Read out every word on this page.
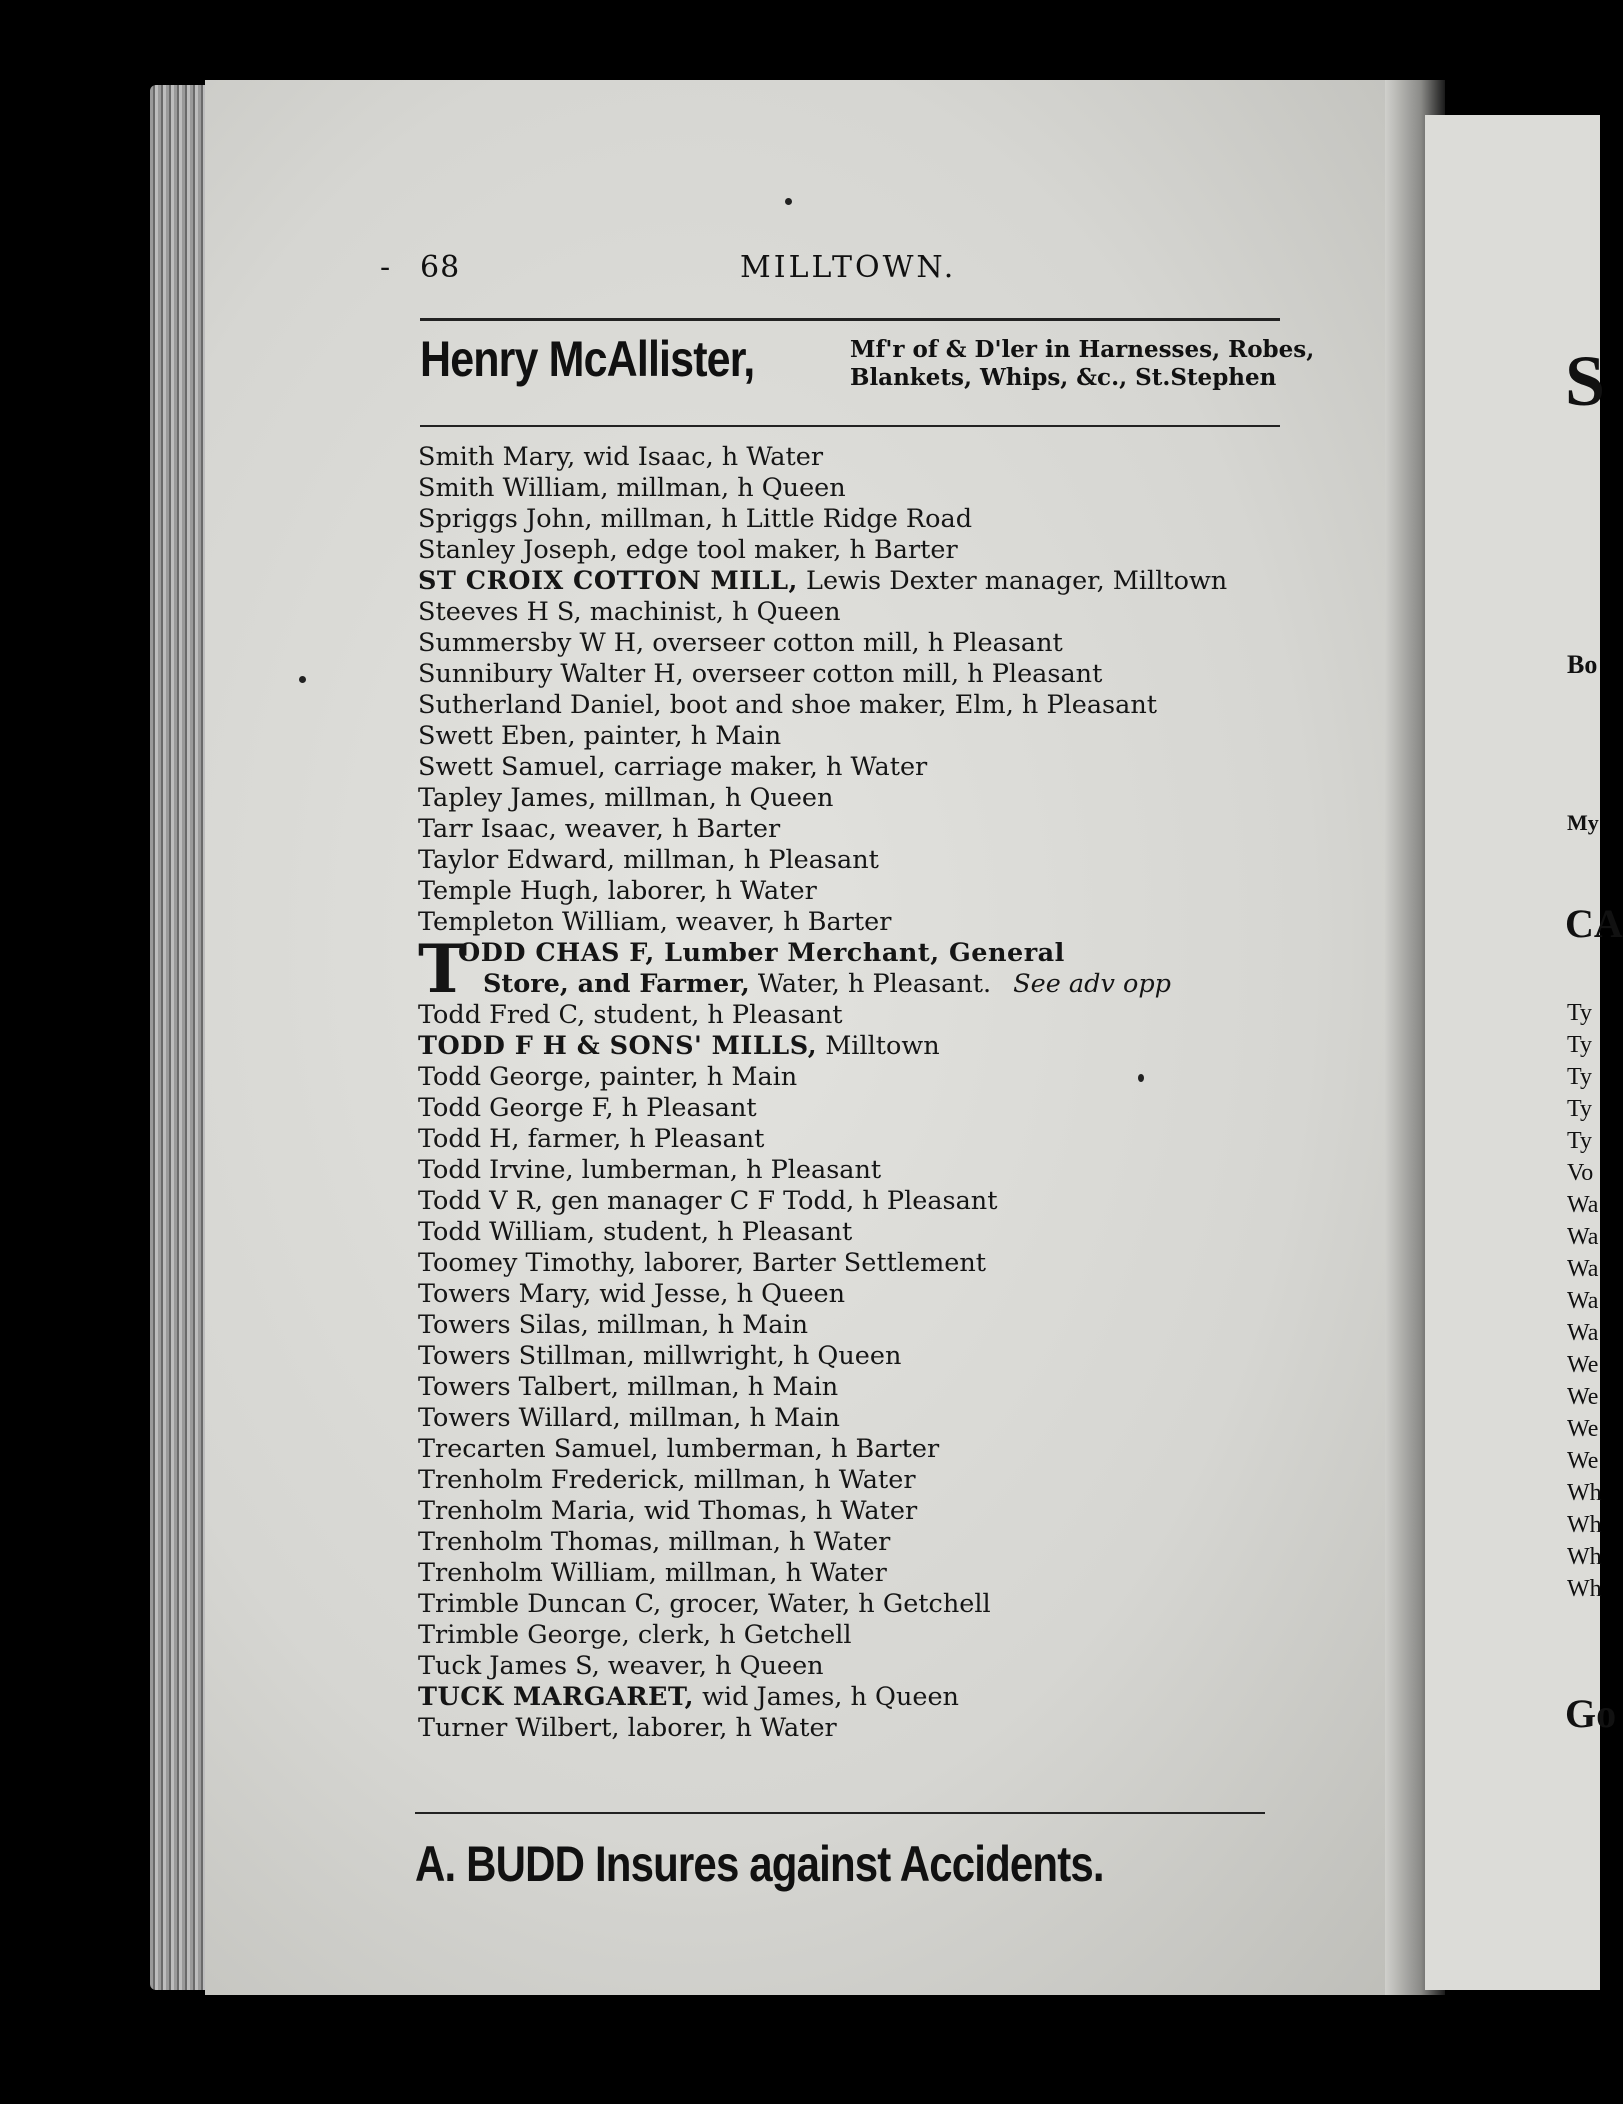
S
Bo
My
CA
Ty
Ty
Ty
Ty
Ty
Vo
Wa
Wa
Wa
Wa
Wa
We
We
We
We
Wh
Wh
Wh
Wh
Go
- 68	MILLTOWN.
Henry McAllister,	Mf'r of & D'ler in Harnesses, Robes,
Blankets, Whips, &c., St.Stephen
Smith Mary, wid Isaac, h Water
Smith William, millman, h Queen
Spriggs John, millman, h Little Ridge Road
Stanley Joseph, edge tool maker, h Barter
ST CROIX COTTON MILL, Lewis Dexter manager, Milltown
Steeves H S, machinist, h Queen
Summersby W H, overseer cotton mill, h Pleasant
Sunnibury Walter H, overseer cotton mill, h Pleasant
Sutherland Daniel, boot and shoe maker, Elm, h Pleasant
Swett Eben, painter, h Main
Swett Samuel, carriage maker, h Water
Tapley James, millman, h Queen
Tarr Isaac, weaver, h Barter
Taylor Edward, millman, h Pleasant
Temple Hugh, laborer, h Water
Templeton William, weaver, h Barter
T
ODD CHAS F, Lumber Merchant, General
Store, and Farmer, Water, h Pleasant. See adv opp
Todd Fred C, student, h Pleasant
TODD F H & SONS' MILLS, Milltown
Todd George, painter, h Main
Todd George F, h Pleasant
Todd H, farmer, h Pleasant
Todd Irvine, lumberman, h Pleasant
Todd V R, gen manager C F Todd, h Pleasant
Todd William, student, h Pleasant
Toomey Timothy, laborer, Barter Settlement
Towers Mary, wid Jesse, h Queen
Towers Silas, millman, h Main
Towers Stillman, millwright, h Queen
Towers Talbert, millman, h Main
Towers Willard, millman, h Main
Trecarten Samuel, lumberman, h Barter
Trenholm Frederick, millman, h Water
Trenholm Maria, wid Thomas, h Water
Trenholm Thomas, millman, h Water
Trenholm William, millman, h Water
Trimble Duncan C, grocer, Water, h Getchell
Trimble George, clerk, h Getchell
Tuck James S, weaver, h Queen
TUCK MARGARET, wid James, h Queen
Turner Wilbert, laborer, h Water
A. BUDD Insures against Accidents.
